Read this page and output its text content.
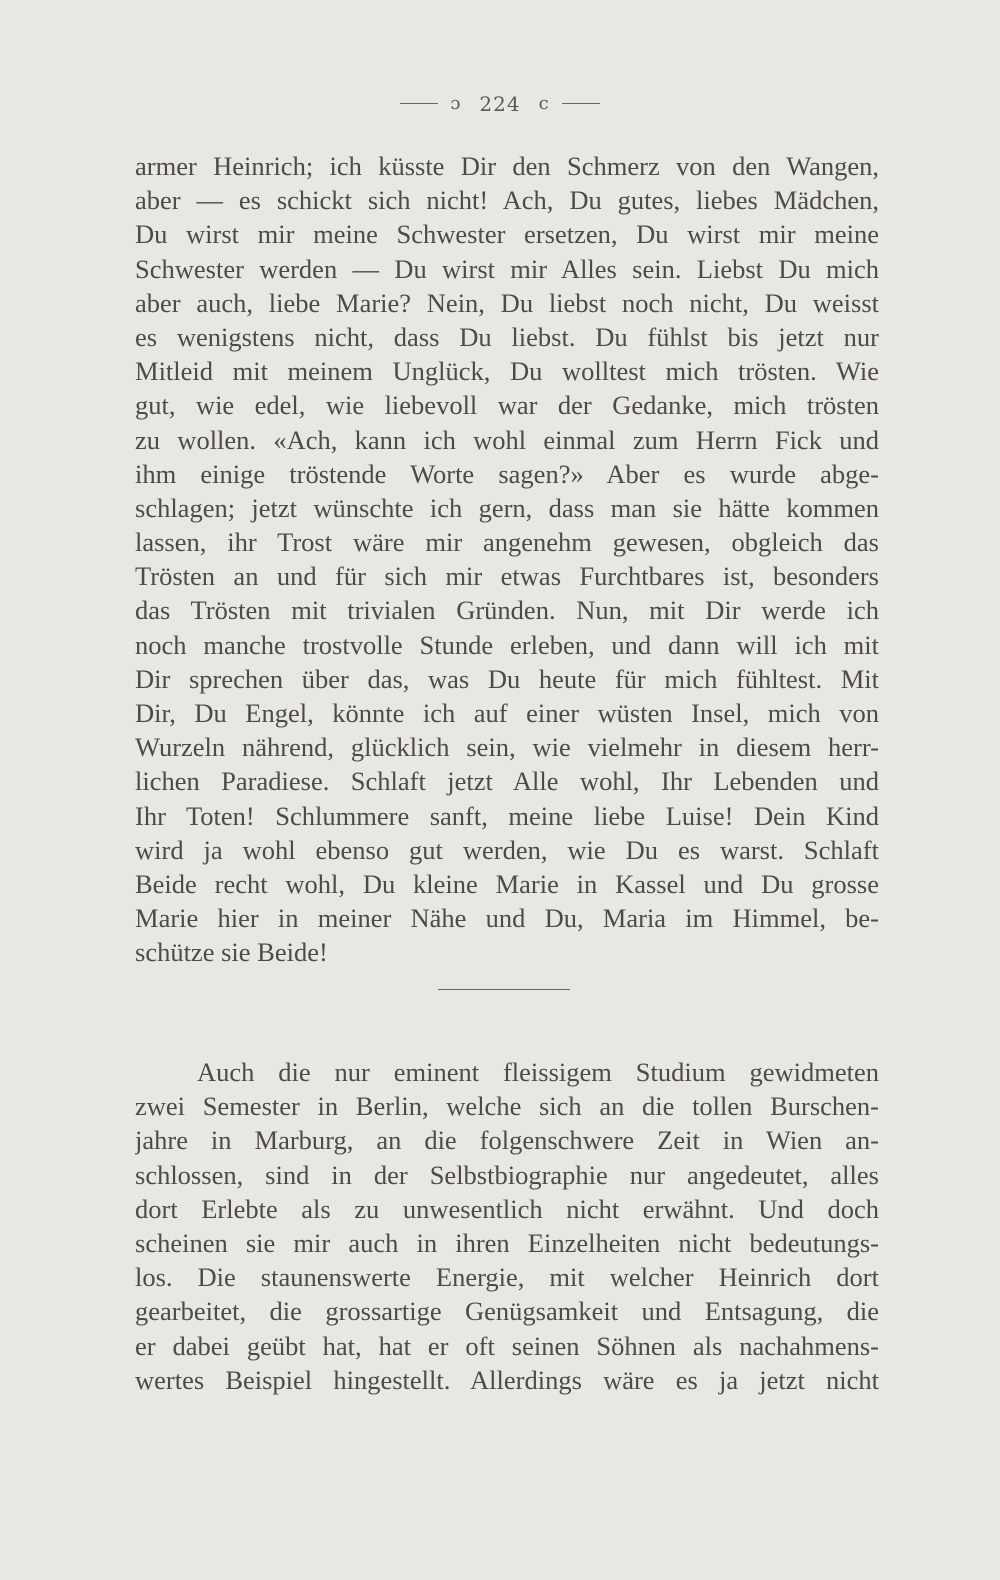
ɔ 224 c
armer Heinrich; ich küsste Dir den Schmerz von den Wangen,
aber — es schickt sich nicht! Ach, Du gutes, liebes Mädchen,
Du wirst mir meine Schwester ersetzen, Du wirst mir meine
Schwester werden — Du wirst mir Alles sein. Liebst Du mich
aber auch, liebe Marie? Nein, Du liebst noch nicht, Du weisst
es wenigstens nicht, dass Du liebst. Du fühlst bis jetzt nur
Mitleid mit meinem Unglück, Du wolltest mich trösten. Wie
gut, wie edel, wie liebevoll war der Gedanke, mich trösten
zu wollen. «Ach, kann ich wohl einmal zum Herrn Fick und
ihm einige tröstende Worte sagen?» Aber es wurde abge-
schlagen; jetzt wünschte ich gern, dass man sie hätte kommen
lassen, ihr Trost wäre mir angenehm gewesen, obgleich das
Trösten an und für sich mir etwas Furchtbares ist, besonders
das Trösten mit trivialen Gründen. Nun, mit Dir werde ich
noch manche trostvolle Stunde erleben, und dann will ich mit
Dir sprechen über das, was Du heute für mich fühltest. Mit
Dir, Du Engel, könnte ich auf einer wüsten Insel, mich von
Wurzeln nährend, glücklich sein, wie vielmehr in diesem herr-
lichen Paradiese. Schlaft jetzt Alle wohl, Ihr Lebenden und
Ihr Toten! Schlummere sanft, meine liebe Luise! Dein Kind
wird ja wohl ebenso gut werden, wie Du es warst. Schlaft
Beide recht wohl, Du kleine Marie in Kassel und Du grosse
Marie hier in meiner Nähe und Du, Maria im Himmel, be-
schütze sie Beide!
Auch die nur eminent fleissigem Studium gewidmeten
zwei Semester in Berlin, welche sich an die tollen Burschen-
jahre in Marburg, an die folgenschwere Zeit in Wien an-
schlossen, sind in der Selbstbiographie nur angedeutet, alles
dort Erlebte als zu unwesentlich nicht erwähnt. Und doch
scheinen sie mir auch in ihren Einzelheiten nicht bedeutungs-
los. Die staunenswerte Energie, mit welcher Heinrich dort
gearbeitet, die grossartige Genügsamkeit und Entsagung, die
er dabei geübt hat, hat er oft seinen Söhnen als nachahmens-
wertes Beispiel hingestellt. Allerdings wäre es ja jetzt nicht
